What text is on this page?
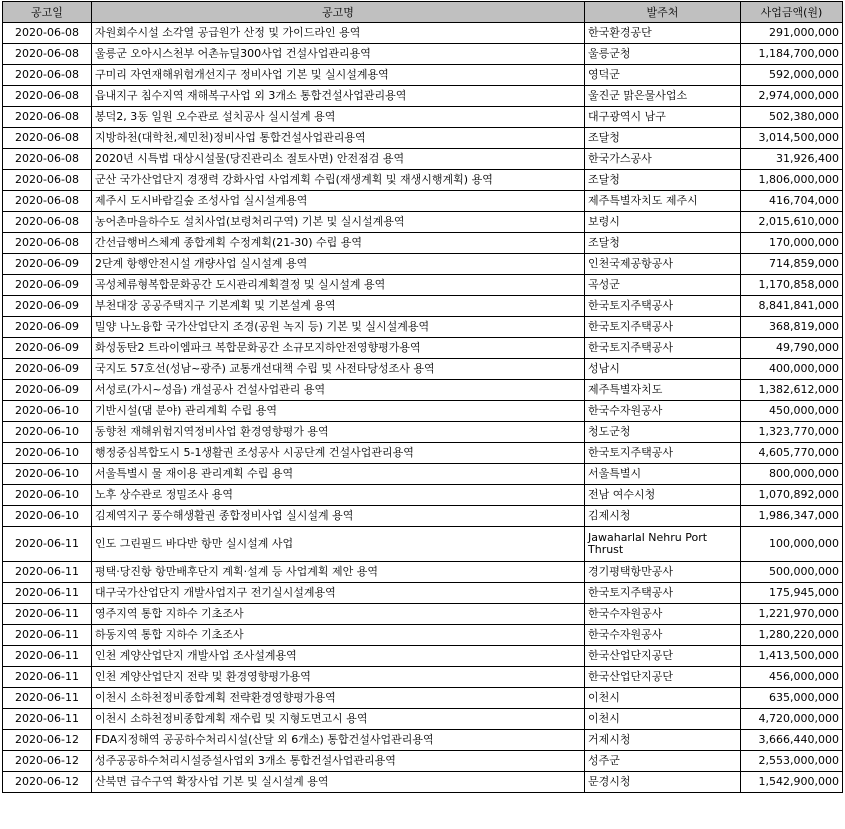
공고일	공고명	발주처	사업금액(원)
2020-06-08	자원회수시설 소각열 공급원가 산정 및 가이드라인 용역	한국환경공단	291,000,000
2020-06-08	울릉군 오아시스천부 어촌뉴딜300사업 건설사업관리용역	울릉군청	1,184,700,000
2020-06-08	구미리 자연재해위험개선지구 정비사업 기본 및 실시설계용역	영덕군	592,000,000
2020-06-08	읍내지구 침수지역 재해복구사업 외 3개소 통합건설사업관리용역	울진군 맑은물사업소	2,974,000,000
2020-06-08	봉덕2, 3동 일원 오수관로 설치공사 실시설계 용역	대구광역시 남구	502,380,000
2020-06-08	지방하천(대학천,제민천)정비사업 통합건설사업관리용역	조달청	3,014,500,000
2020-06-08	2020년 시특법 대상시설물(당진관리소 절토사면) 안전점검 용역	한국가스공사	31,926,400
2020-06-08	군산 국가산업단지 경쟁력 강화사업 사업계획 수립(재생계획 및 재생시행계획) 용역	조달청	1,806,000,000
2020-06-08	제주시 도시바람길숲 조성사업 실시설계용역	제주특별자치도 제주시	416,704,000
2020-06-08	농어촌마을하수도 설치사업(보령처리구역) 기본 및 실시설계용역	보령시	2,015,610,000
2020-06-08	간선급행버스체계 종합계획 수정계획(21-30) 수립 용역	조달청	170,000,000
2020-06-09	2단계 항행안전시설 개량사업 실시설계 용역	인천국제공항공사	714,859,000
2020-06-09	곡성체류형복합문화공간 도시관리계획결정 및 실시설계 용역	곡성군	1,170,858,000
2020-06-09	부천대장 공공주택지구 기본계획 및 기본설계 용역	한국토지주택공사	8,841,841,000
2020-06-09	밀양 나노융합 국가산업단지 조경(공원 녹지 등) 기본 및 실시설계용역	한국토지주택공사	368,819,000
2020-06-09	화성동탄2 트라이엠파크 복합문화공간 소규모지하안전영향평가용역	한국토지주택공사	49,790,000
2020-06-09	국지도 57호선(성남~광주) 교통개선대책 수립 및 사전타당성조사 용역	성남시	400,000,000
2020-06-09	서성로(가시~성읍) 개설공사 건설사업관리 용역	제주특별자치도	1,382,612,000
2020-06-10	기반시설(댐 분야) 관리계획 수립 용역	한국수자원공사	450,000,000
2020-06-10	동향천 재해위험지역정비사업 환경영향평가 용역	청도군청	1,323,770,000
2020-06-10	행정중심복합도시 5-1생활권 조성공사 시공단계 건설사업관리용역	한국토지주택공사	4,605,770,000
2020-06-10	서울특별시 물 재이용 관리계획 수립 용역	서울특별시	800,000,000
2020-06-10	노후 상수관로 정밀조사 용역	전남 여수시청	1,070,892,000
2020-06-10	김제역지구 풍수해생활권 종합정비사업 실시설계 용역	김제시청	1,986,347,000
2020-06-11	인도 그린필드 바다반 항만 실시설계 사업	Jawaharlal Nehru Port Thrust	100,000,000
2020-06-11	평택·당진항 항만배후단지 계획·설계 등 사업계획 제안 용역	경기평택항만공사	500,000,000
2020-06-11	대구국가산업단지 개발사업지구 전기실시설계용역	한국토지주택공사	175,945,000
2020-06-11	영주지역 통합 지하수 기초조사	한국수자원공사	1,221,970,000
2020-06-11	하동지역 통합 지하수 기초조사	한국수자원공사	1,280,220,000
2020-06-11	인천 계양산업단지 개발사업 조사설계용역	한국산업단지공단	1,413,500,000
2020-06-11	인천 계양산업단지 전략 및 환경영향평가용역	한국산업단지공단	456,000,000
2020-06-11	이천시 소하천정비종합계획 전략환경영향평가용역	이천시	635,000,000
2020-06-11	이천시 소하천정비종합계획 재수립 및 지형도면고시 용역	이천시	4,720,000,000
2020-06-12	FDA지정해역 공공하수처리시설(산달 외 6개소) 통합건설사업관리용역	거제시청	3,666,440,000
2020-06-12	성주공공하수처리시설증설사업외 3개소 통합건설사업관리용역	성주군	2,553,000,000
2020-06-12	산북면 급수구역 확장사업 기본 및 실시설계 용역	문경시청	1,542,900,000
